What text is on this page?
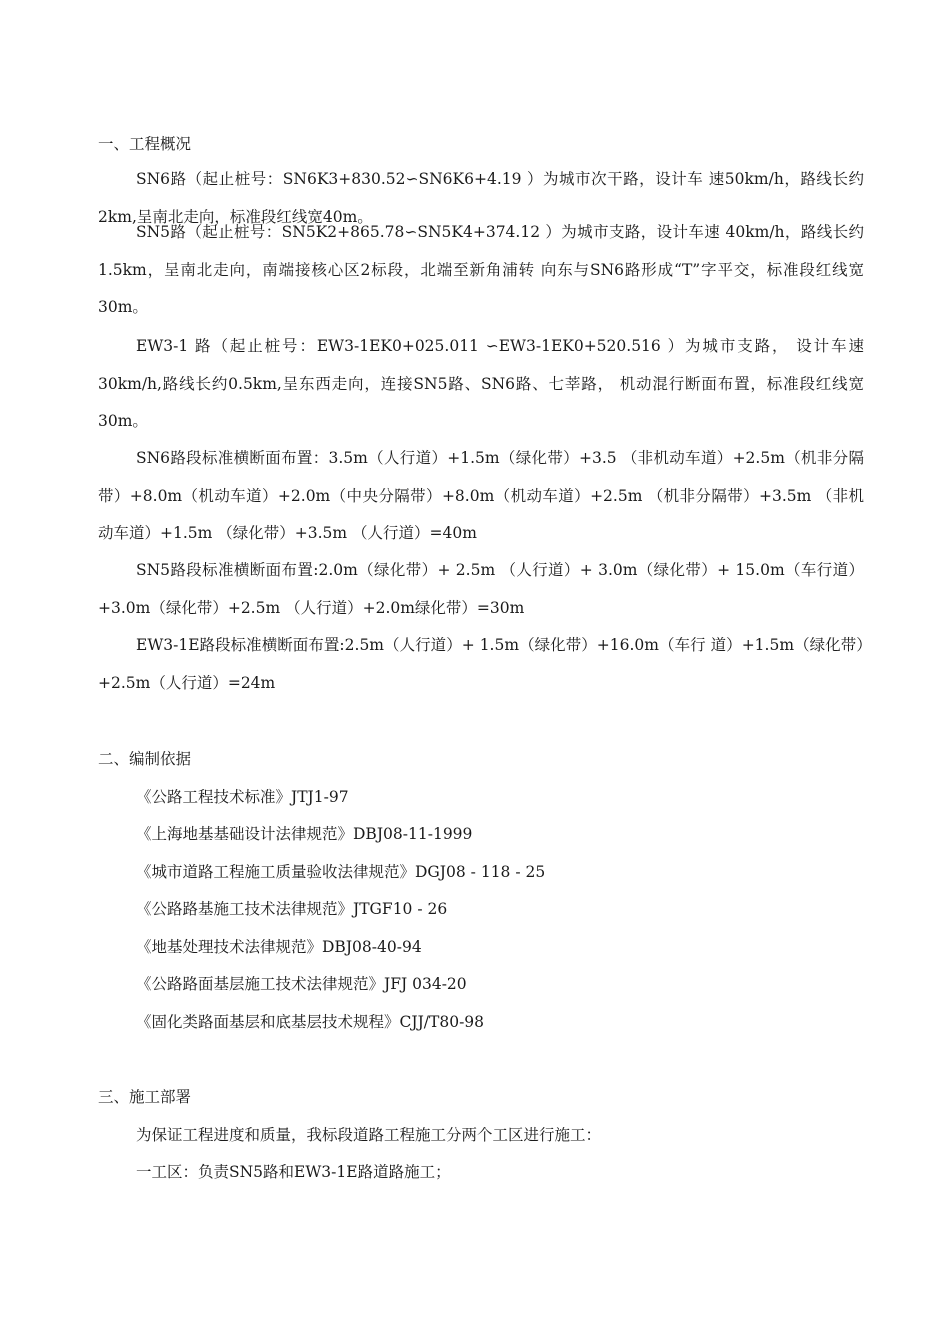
一、工程概况

SN6路（起止桩号：SN6K3+830.52∽SN6K6+4.19 ）为城市次干路，设计车 速50km/h，路线长约2km,呈南北走向，标准段红线宽40m。

SN5路（起止桩号：SN5K2+865.78∽SN5K4+374.12 ）为城市支路，设计车速 40km/h，路线长约1.5km，呈南北走向，南端接核心区2标段，北端至新角浦转 向东与SN6路形成“T”字平交，标准段红线宽30m。

EW3-1 路（起止桩号：EW3-1EK0+025.011 ∽EW3-1EK0+520.516 ）为城市支路， 设计车速30km/h,路线长约0.5km,呈东西走向，连接SN5路、SN6路、七莘路， 机动混行断面布置，标准段红线宽30m。

SN6路段标准横断面布置：3.5m（人行道）+1.5m（绿化带）+3.5 （非机动车道）+2.5m（机非分隔带）+8.0m（机动车道）+2.0m（中央分隔带）+8.0m（机动车道）+2.5m （机非分隔带）+3.5m （非机动车道）+1.5m （绿化带）+3.5m （人行道）=40m

SN5路段标准横断面布置:2.0m（绿化带）+ 2.5m （人行道）+ 3.0m（绿化带）+ 15.0m（车行道）+3.0m（绿化带）+2.5m （人行道）+2.0m绿化带）=30m

EW3-1E路段标准横断面布置:2.5m（人行道）+ 1.5m（绿化带）+16.0m（车行 道）+1.5m（绿化带）+2.5m（人行道）=24m

二、编制依据
《公路工程技术标准》JTJ1-97
《上海地基基础设计法律规范》DBJ08-11-1999
《城市道路工程施工质量验收法律规范》DGJ08 - 118 - 25
《公路路基施工技术法律规范》JTGF10 - 26
《地基处理技术法律规范》DBJ08-40-94
《公路路面基层施工技术法律规范》JFJ 034-20
《固化类路面基层和底基层技术规程》CJJ/T80-98
三、施工部署
为保证工程进度和质量，我标段道路工程施工分两个工区进行施工：
一工区：负责SN5路和EW3-1E路道路施工；
